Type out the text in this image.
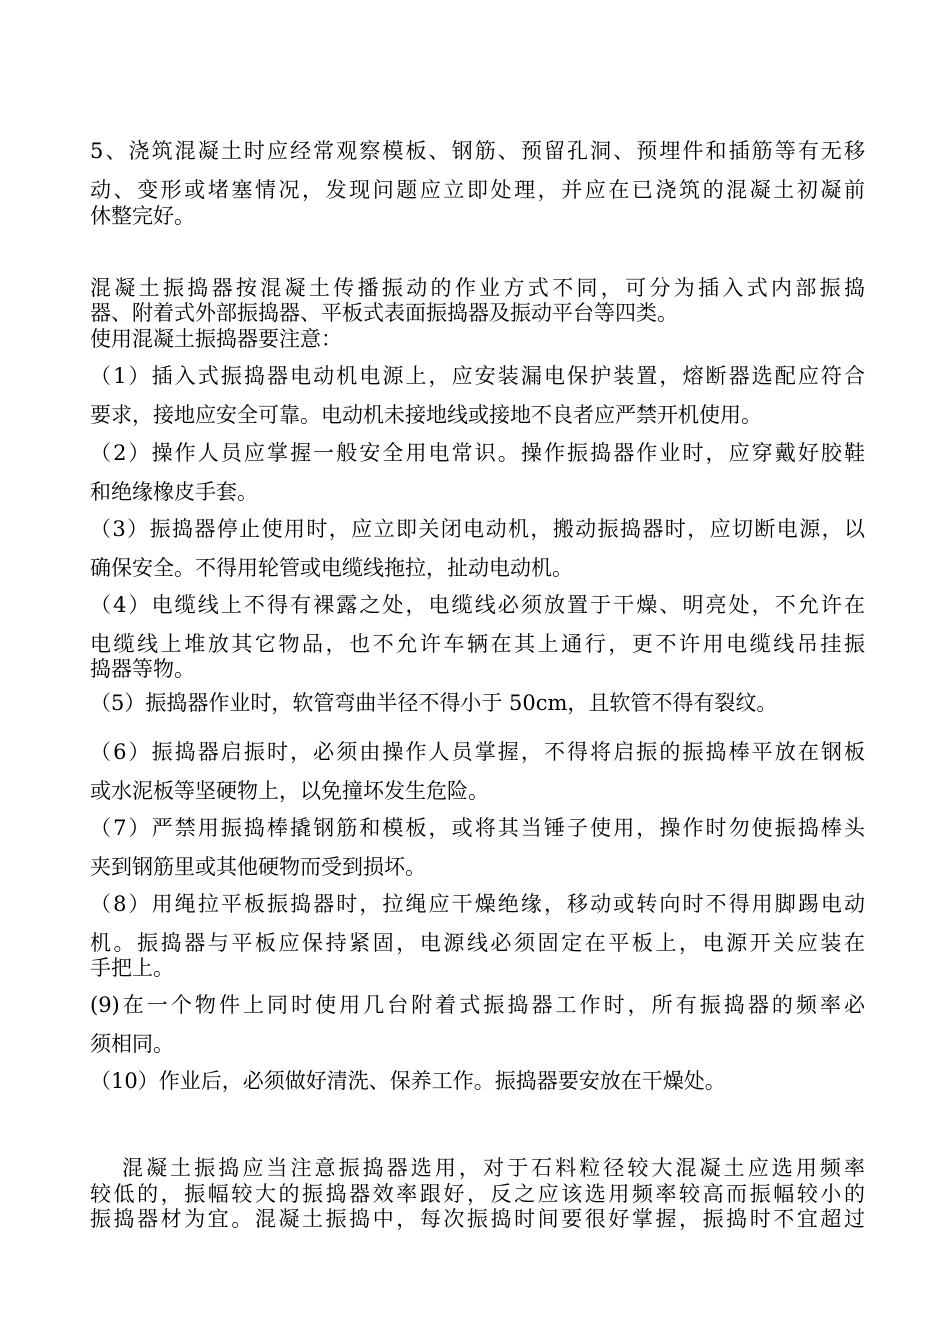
5、浇筑混凝土时应经常观察模板、钢筋、预留孔洞、预埋件和插筋等有无移
动、变形或堵塞情况，发现问题应立即处理，并应在已浇筑的混凝土初凝前
休整完好。
混凝土振捣器按混凝土传播振动的作业方式不同，可分为插入式内部振捣
器、附着式外部振捣器、平板式表面振捣器及振动平台等四类。
使用混凝土振捣器要注意：
（1）插入式振捣器电动机电源上，应安装漏电保护装置，熔断器选配应符合
要求，接地应安全可靠。电动机未接地线或接地不良者应严禁开机使用。
（2）操作人员应掌握一般安全用电常识。操作振捣器作业时，应穿戴好胶鞋
和绝缘橡皮手套。
（3）振捣器停止使用时，应立即关闭电动机，搬动振捣器时，应切断电源，以
确保安全。不得用轮管或电缆线拖拉，扯动电动机。
（4）电缆线上不得有裸露之处，电缆线必须放置于干燥、明亮处，不允许在
电缆线上堆放其它物品，也不允许车辆在其上通行，更不许用电缆线吊挂振
捣器等物。
（5）振捣器作业时，软管弯曲半径不得小于 50cm，且软管不得有裂纹。
（6）振捣器启振时，必须由操作人员掌握，不得将启振的振捣棒平放在钢板
或水泥板等坚硬物上，以免撞坏发生危险。
（7）严禁用振捣棒撬钢筋和模板，或将其当锤子使用，操作时勿使振捣棒头
夹到钢筋里或其他硬物而受到损坏。
（8）用绳拉平板振捣器时，拉绳应干燥绝缘，移动或转向时不得用脚踢电动
机。振捣器与平板应保持紧固，电源线必须固定在平板上，电源开关应装在
手把上。
(9)在一个物件上同时使用几台附着式振捣器工作时，所有振捣器的频率必
须相同。
（10）作业后，必须做好清洗、保养工作。振捣器要安放在干燥处。
混凝土振捣应当注意振捣器选用，对于石料粒径较大混凝土应选用频率
较低的，振幅较大的振捣器效率跟好，反之应该选用频率较高而振幅较小的
振捣器材为宜。混凝土振捣中，每次振捣时间要很好掌握，振捣时不宜超过
